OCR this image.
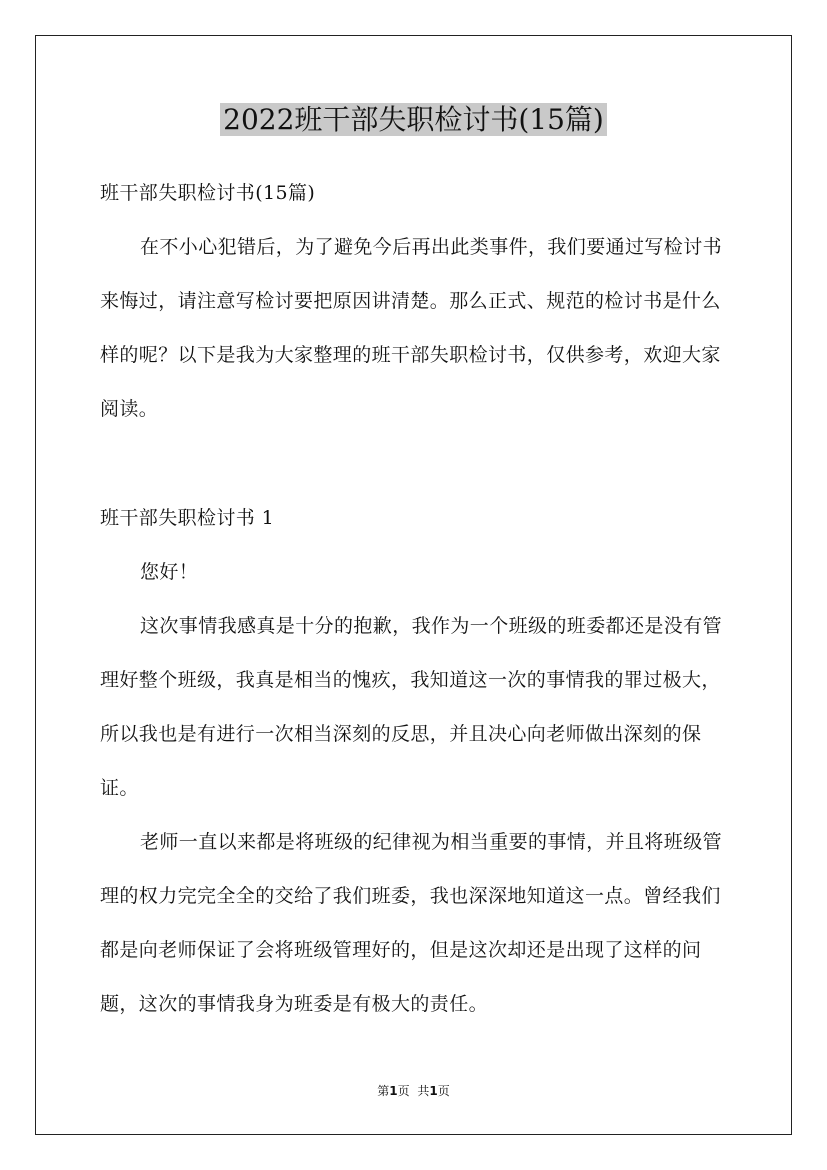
2022班干部失职检讨书(15篇)

班干部失职检讨书(15篇)

在不小心犯错后，为了避免今后再出此类事件，我们要通过写检讨书来悔过，请注意写检讨要把原因讲清楚。那么正式、规范的检讨书是什么样的呢？以下是我为大家整理的班干部失职检讨书，仅供参考，欢迎大家阅读。

班干部失职检讨书 1

您好！

这次事情我感真是十分的抱歉，我作为一个班级的班委都还是没有管理好整个班级，我真是相当的愧疚，我知道这一次的事情我的罪过极大，所以我也是有进行一次相当深刻的反思，并且决心向老师做出深刻的保证。

老师一直以来都是将班级的纪律视为相当重要的事情，并且将班级管理的权力完完全全的交给了我们班委，我也深深地知道这一点。曾经我们都是向老师保证了会将班级管理好的，但是这次却还是出现了这样的问题，这次的事情我身为班委是有极大的责任。

第1页 共1页
